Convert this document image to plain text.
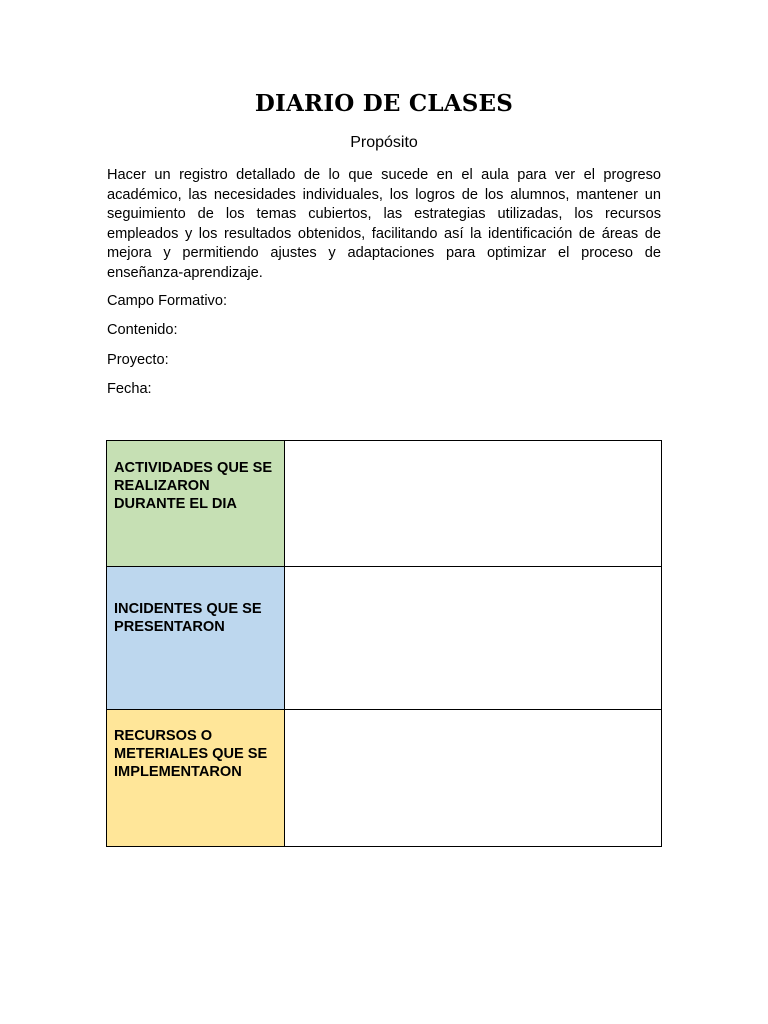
DIARIO DE CLASES
Propósito

Hacer un registro detallado de lo que sucede en el aula para ver el progreso académico, las necesidades individuales, los logros de los alumnos, mantener un seguimiento de los temas cubiertos, las estrategias utilizadas, los recursos empleados y los resultados obtenidos, facilitando así la identificación de áreas de mejora y permitiendo ajustes y adaptaciones para optimizar el proceso de enseñanza-aprendizaje.

Campo Formativo:
Contenido:
Proyecto:
Fecha:
ACTIVIDADES QUE SE REALIZARON DURANTE EL DIA	

INCIDENTES QUE SE PRESENTARON	

RECURSOS O METERIALES QUE SE IMPLEMENTARON	
